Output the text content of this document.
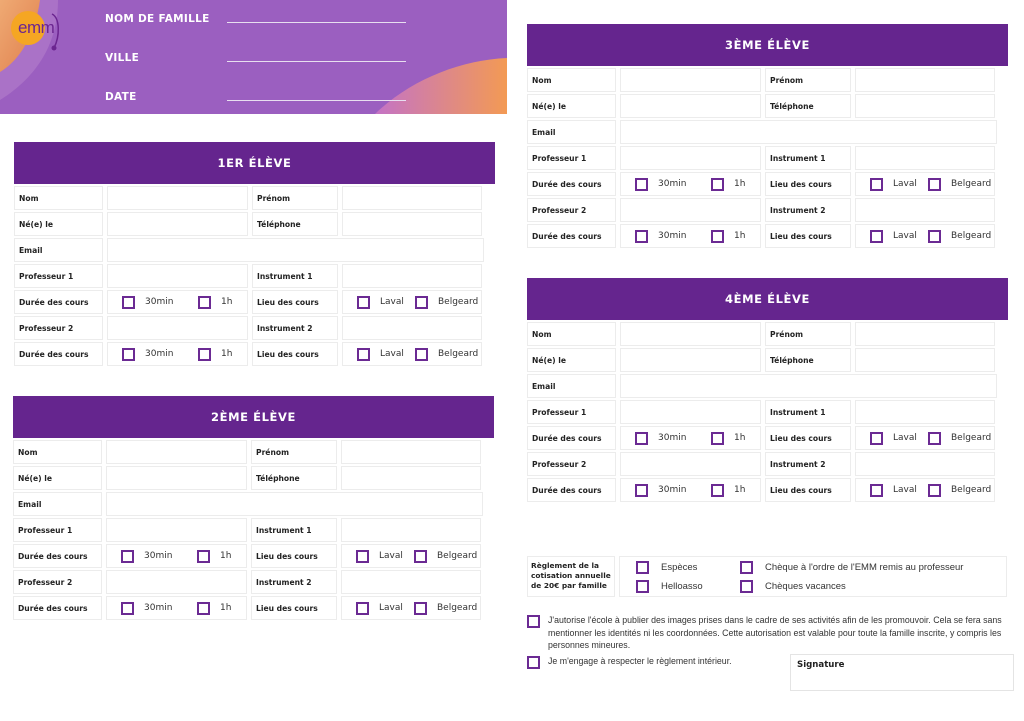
emm	NOM DE FAMILLE
VILLE
DATE
1ER ÉLÈVE
Nom	Prénom
Né(e) le	Téléphone
Email
Professeur 1	Instrument 1
Durée des cours	30min	1h	Lieu des cours	Laval	Belgeard
Professeur 2	Instrument 2
Durée des cours	30min	1h	Lieu des cours	Laval	Belgeard
2ÈME ÉLÈVE
Nom	Prénom
Né(e) le	Téléphone
Email
Professeur 1	Instrument 1
Durée des cours	30min	1h	Lieu des cours	Laval	Belgeard
Professeur 2	Instrument 2
Durée des cours	30min	1h	Lieu des cours	Laval	Belgeard
3ÈME ÉLÈVE
Nom	Prénom
Né(e) le	Téléphone
Email
Professeur 1	Instrument 1
Durée des cours	30min	1h	Lieu des cours	Laval	Belgeard
Professeur 2	Instrument 2
Durée des cours	30min	1h	Lieu des cours	Laval	Belgeard
4ÈME ÉLÈVE
Nom	Prénom
Né(e) le	Téléphone
Email
Professeur 1	Instrument 1
Durée des cours	30min	1h	Lieu des cours	Laval	Belgeard
Professeur 2	Instrument 2
Durée des cours	30min	1h	Lieu des cours	Laval	Belgeard
Règlement de la cotisation annuelle de 20€ par famille
Espèces	Chèque à l'ordre de l'EMM remis au professeur
Helloasso	Chèques vacances
J'autorise l'école à publier des images prises dans le cadre de ses activités afin de les promouvoir. Cela se fera sans mentionner les identités ni les coordonnées. Cette autorisation est valable pour toute la famille inscrite, y compris les personnes mineures.
Je m'engage à respecter le règlement intérieur.	Signature
